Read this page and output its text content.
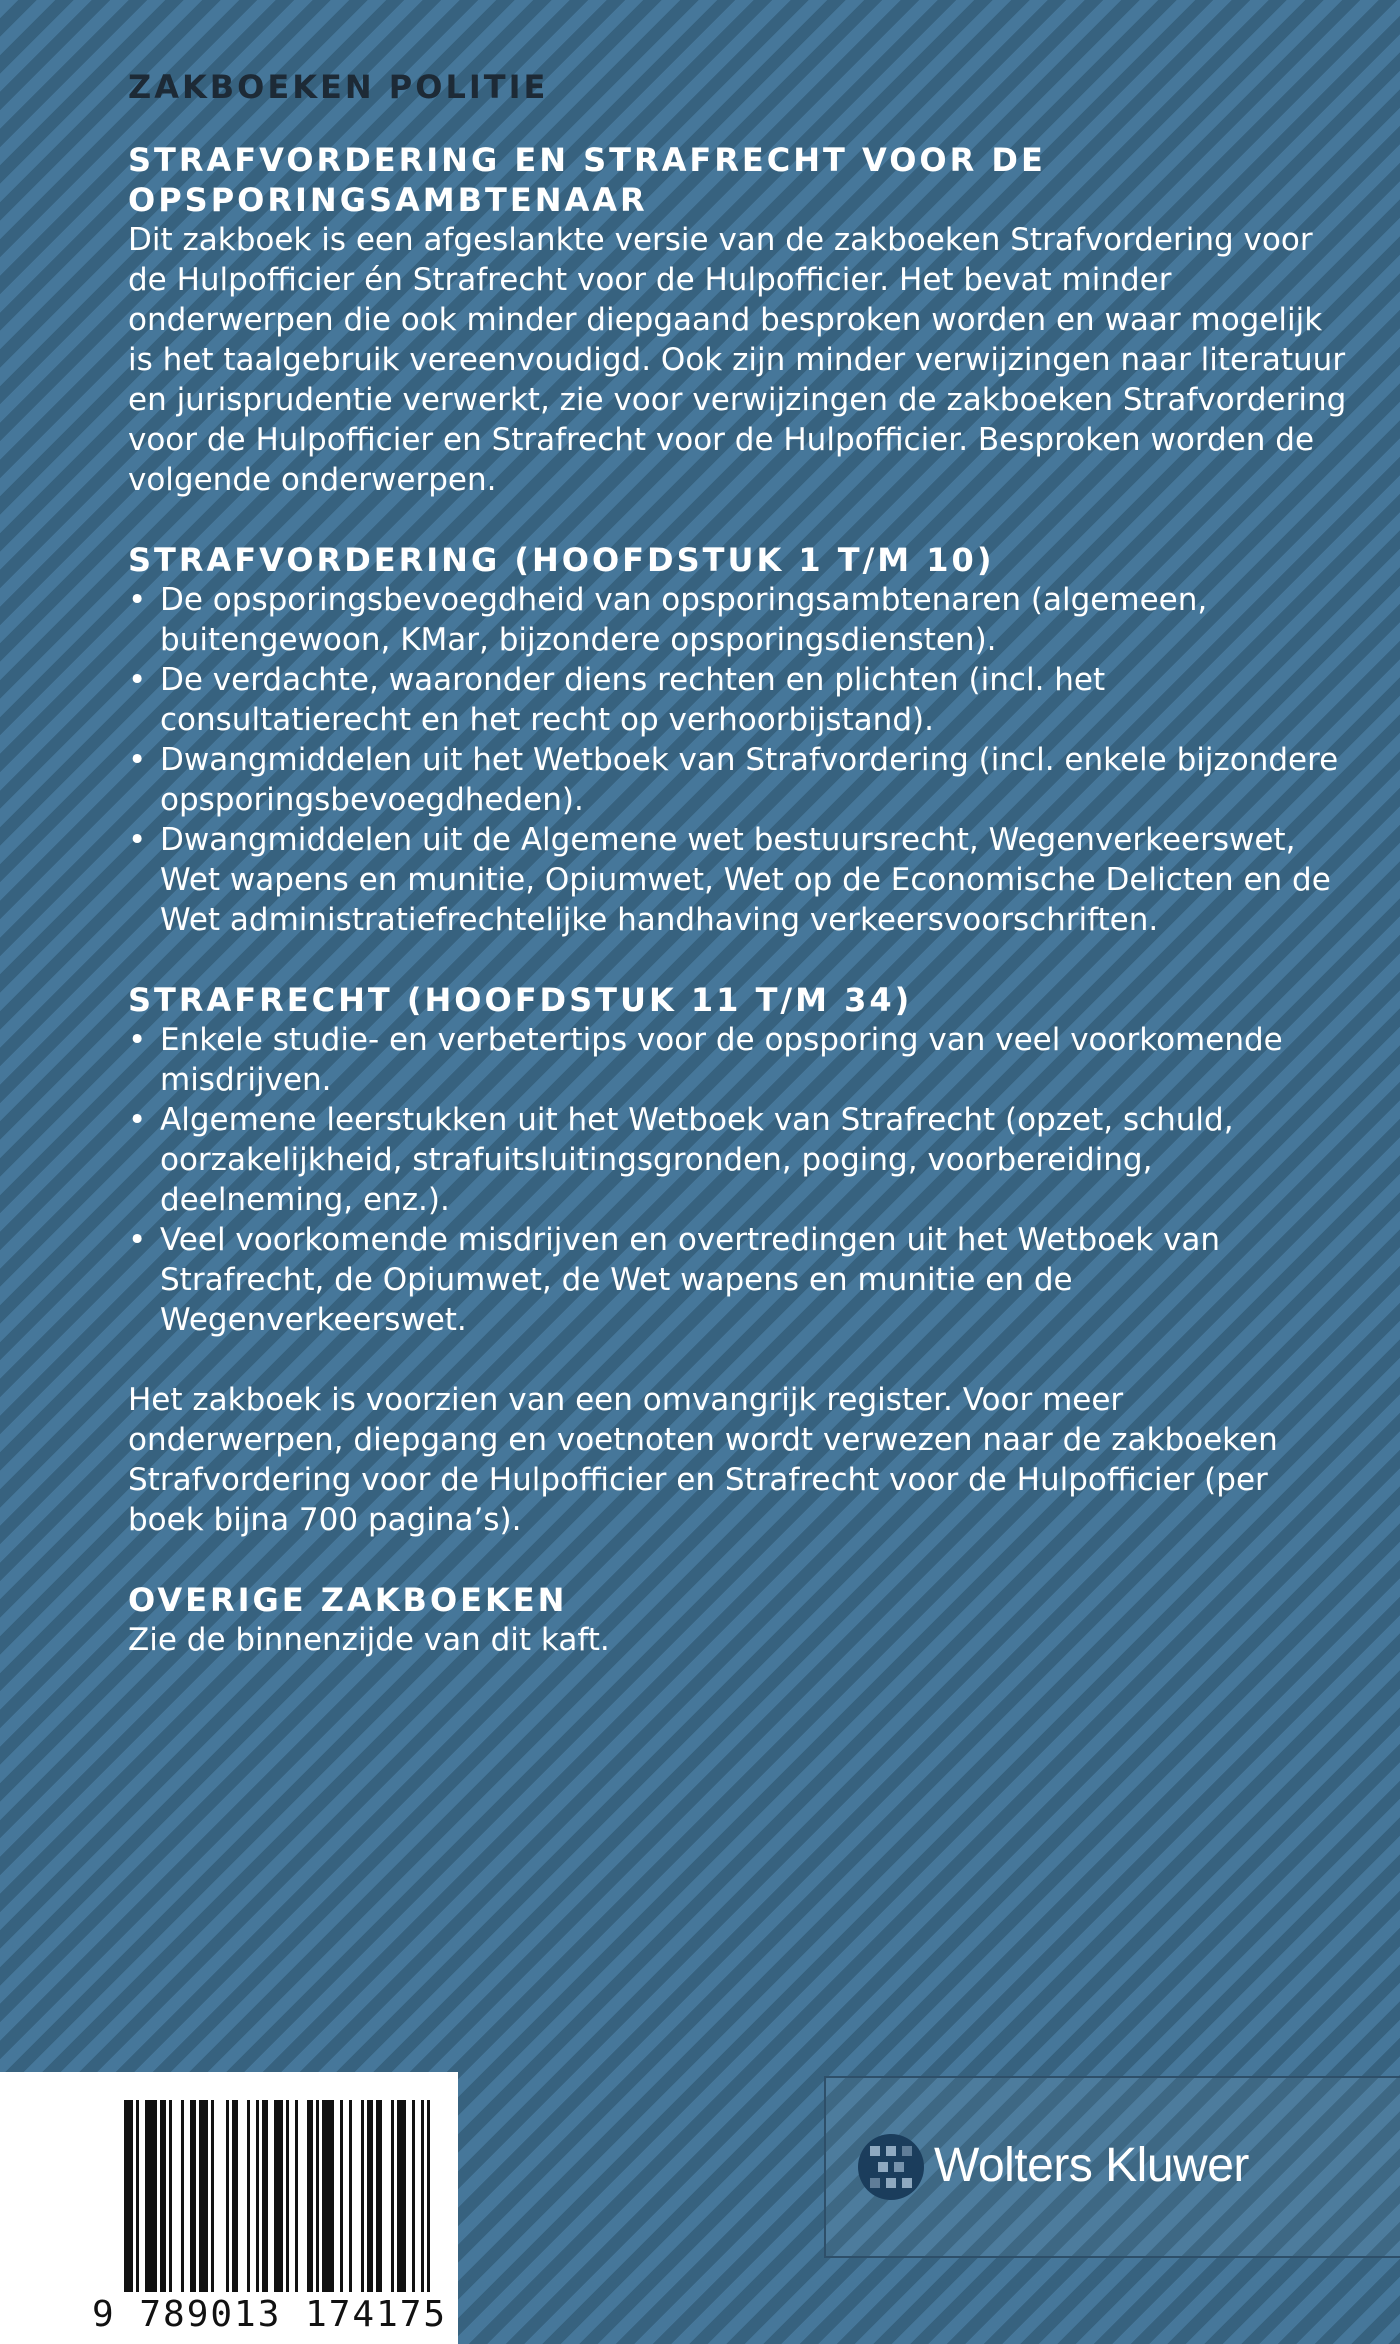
ZAKBOEKEN POLITIE
STRAFVORDERING EN STRAFRECHT VOOR DE
OPSPORINGSAMBTENAAR

Dit zakboek is een afgeslankte versie van de zakboeken Strafvordering voor de Hulpofficier én Strafrecht voor de Hulpofficier. Het bevat minder onderwerpen die ook minder diepgaand besproken worden en waar mogelijk is het taalgebruik vereenvoudigd. Ook zijn minder verwijzingen naar literatuur en jurisprudentie verwerkt, zie voor verwijzingen de zakboeken Strafvordering voor de Hulpofficier en Strafrecht voor de Hulpofficier. Besproken worden de volgende onderwerpen.

STRAFVORDERING (HOOFDSTUK 1 T/M 10)
• De opsporingsbevoegdheid van opsporingsambtenaren (algemeen, buitengewoon, KMar, bijzondere opsporingsdiensten).
• De verdachte, waaronder diens rechten en plichten (incl. het consultatierecht en het recht op verhoorbijstand).
• Dwangmiddelen uit het Wetboek van Strafvordering (incl. enkele bijzondere opsporingsbevoegdheden).
• Dwangmiddelen uit de Algemene wet bestuursrecht, Wegenverkeerswet, Wet wapens en munitie, Opiumwet, Wet op de Economische Delicten en de Wet administratiefrechtelijke handhaving verkeersvoorschriften.
STRAFRECHT (HOOFDSTUK 11 T/M 34)
• Enkele studie- en verbetertips voor de opsporing van veel voorkomende misdrijven.
• Algemene leerstukken uit het Wetboek van Strafrecht (opzet, schuld, oorzakelijkheid, strafuitsluitingsgronden, poging, voorbereiding, deelneming, enz.).
• Veel voorkomende misdrijven en overtredingen uit het Wetboek van Strafrecht, de Opiumwet, de Wet wapens en munitie en de Wegenverkeerswet.

Het zakboek is voorzien van een omvangrijk register. Voor meer onderwerpen, diepgang en voetnoten wordt verwezen naar de zakboeken Strafvordering voor de Hulpofficier en Strafrecht voor de Hulpofficier (per boek bijna 700 pagina’s).

OVERIGE ZAKBOEKEN

Zie de binnenzijde van dit kaft.

9 789013 174175
Wolters Kluwer
